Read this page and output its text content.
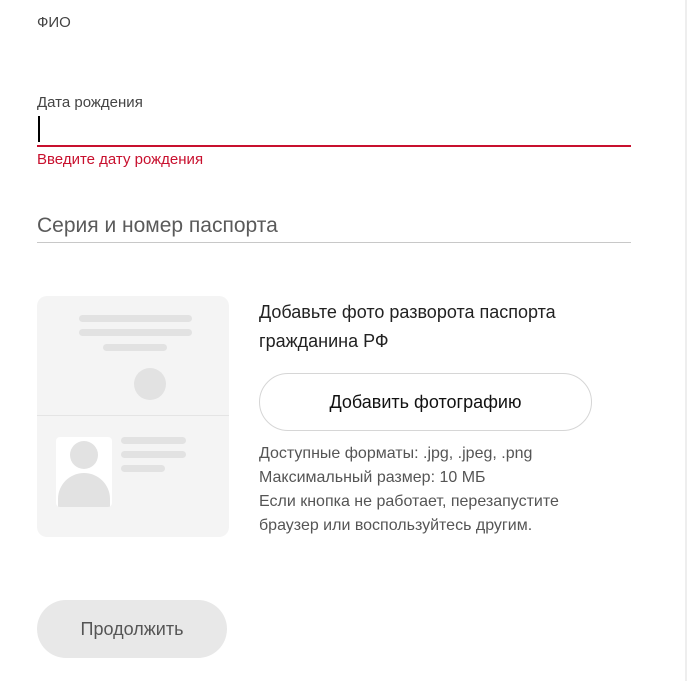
ФИО
Дата рождения
Введите дату рождения
Серия и номер паспорта
Добавьте фото разворота паспорта
гражданина РФ
Добавить фотографию
Доступные форматы: .jpg, .jpeg, .png
Максимальный размер: 10 МБ
Если кнопка не работает, перезапустите
браузер или воспользуйтесь другим.
Продолжить
